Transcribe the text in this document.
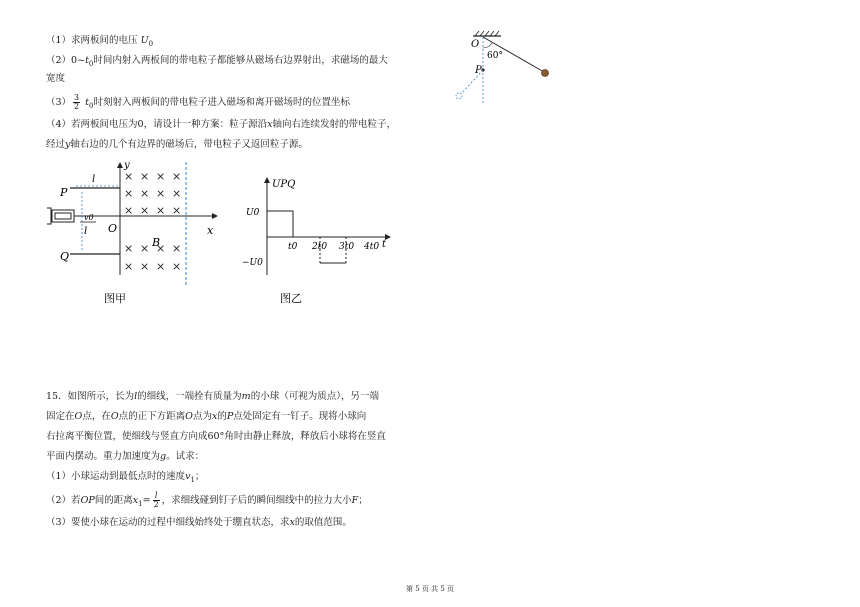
（1）求两板间的电压 $U_0$
$(2)0\sim t_0$时间内射入两板间的带电粒子都能够从磁场右边界射出，求磁场的最大
宽度
$(3) \frac{3}{2} t_0$时刻射入两板间的带电粒子进入磁场和离开磁场时的位置坐标
（4）若两板间电压为0，请设计一种方案：粒子源沿x轴向右连续发射的带电粒子，
经过y轴右边的几个有边界的磁场后，带电粒子又返回粒子源。
P
Q
x
y
O
v0
l
l
× × × ×
× × × ×
× × × ×
× × × ×
× × × ×
B
图甲
UPQ
t
U0
−U0
t0 2t0 3t0 4t0
图乙
O
60°
P
15．如图所示，长为l的细线，一端拴有质量为m的小球（可视为质点），另一端
固定在O点，在O点的正下方距离O点为x的P点处固定有一钉子。现将小球向
右拉离平衡位置，使细线与竖直方向成60°角时由静止释放，释放后小球将在竖直
平面内摆动。重力加速度为g。试求：
（1）小球运动到最低点时的速度$v_1$；
（2）若OP间的距离$x_1= \frac{l}{2}$ ，求细线碰到钉子后的瞬间细线中的拉力大小F；
（3）要使小球在运动的过程中细线始终处于绷直状态，求x的取值范围。
第 5 页 共 5 页
